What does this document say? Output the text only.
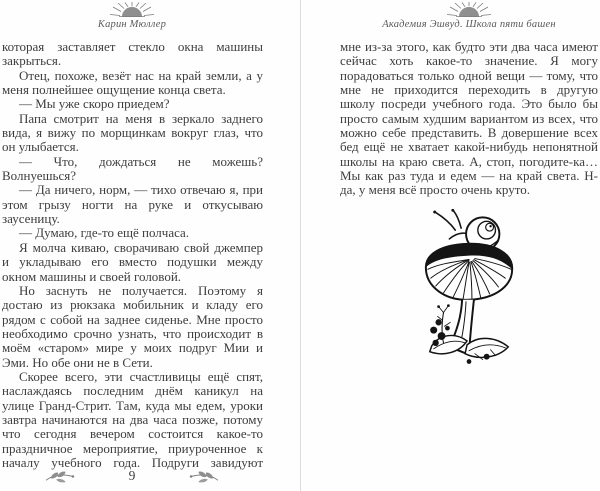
Карин Мюллер

которая заставляет стекло окна машины закрыться.

Отец, похоже, везёт нас на край земли, а у меня полнейшее ощущение конца света.

— Мы уже скоро приедем?

Папа смотрит на меня в зеркало заднего вида, я вижу по морщинкам вокруг глаз, что он улыбается.

— Что, дождаться не можешь? Волнуешься?

— Да ничего, норм, — тихо отвечаю я, при этом грызу ногти на руке и откусываю заусеницу.

— Думаю, где-то ещё полчаса.

Я молча киваю, сворачиваю свой джемпер и укладываю его вместо подушки между окном машины и своей головой.

Но заснуть не получается. Поэтому я достаю из рюкзака мобильник и кладу его рядом с собой на заднее сиденье. Мне просто необходимо срочно узнать, что происходит в моём «старом» мире у моих подруг Мии и Эми. Но обе они не в Сети.

Скорее всего, эти счастливицы ещё спят, наслаждаясь последним днём каникул на улице Гранд-Стрит. Там, куда мы едем, уроки завтра начинаются на два часа позже, потому что сегодня вечером состоится какое-то праздничное мероприятие, приуроченное к началу учебного года. Подруги завидуют

9
Академия Эшвуд. Школа пяти башен

мне из-за этого, как будто эти два часа имеют сейчас хоть какое-то значение. Я могу порадоваться только одной вещи — тому, что мне не приходится переходить в другую школу посреди учебного года. Это было бы просто самым худшим вариантом из всех, что можно себе представить. В довершение всех бед ещё не хватает какой-нибудь непонятной школы на краю света. А, стоп, погодите-ка… Мы как раз туда и едем — на край света. Н-да, у меня всё просто очень круто.
